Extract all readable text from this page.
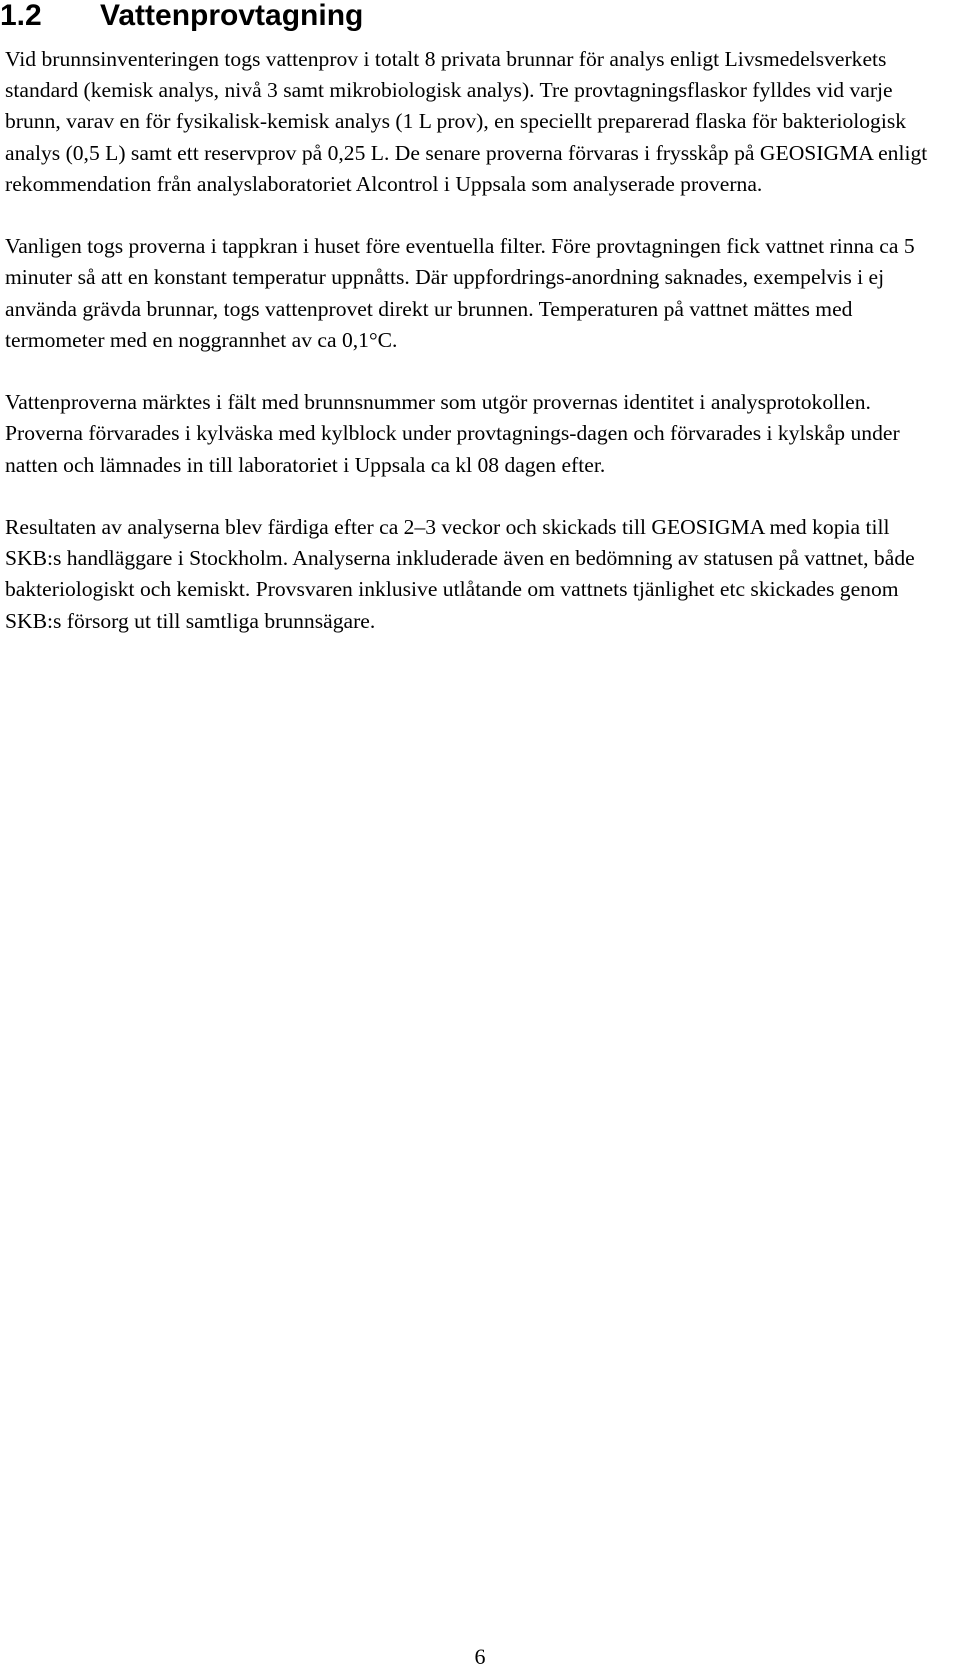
1.2 Vattenprovtagning

Vid brunnsinventeringen togs vattenprov i totalt 8 privata brunnar för analys enligt Livsmedelsverkets standard (kemisk analys, nivå 3 samt mikrobiologisk analys). Tre provtagningsflaskor fylldes vid varje brunn, varav en för fysikalisk-kemisk analys (1 L prov), en speciellt preparerad flaska för bakteriologisk analys (0,5 L) samt ett reservprov på 0,25 L. De senare proverna förvaras i frysskåp på GEOSIGMA enligt rekommendation från analyslaboratoriet Alcontrol i Uppsala som analyserade proverna.

Vanligen togs proverna i tappkran i huset före eventuella filter. Före provtagningen fick vattnet rinna ca 5 minuter så att en konstant temperatur uppnåtts. Där uppfordrings-anordning saknades, exempelvis i ej använda grävda brunnar, togs vattenprovet direkt ur brunnen. Temperaturen på vattnet mättes med termometer med en noggrannhet av ca 0,1°C.

Vattenproverna märktes i fält med brunnsnummer som utgör provernas identitet i analysprotokollen. Proverna förvarades i kylväska med kylblock under provtagnings-dagen och förvarades i kylskåp under natten och lämnades in till laboratoriet i Uppsala ca kl 08 dagen efter.

Resultaten av analyserna blev färdiga efter ca 2–3 veckor och skickads till GEOSIGMA med kopia till SKB:s handläggare i Stockholm. Analyserna inkluderade även en bedömning av statusen på vattnet, både bakteriologiskt och kemiskt. Provsvaren inklusive utlåtande om vattnets tjänlighet etc skickades genom SKB:s försorg ut till samtliga brunnsägare.

6
